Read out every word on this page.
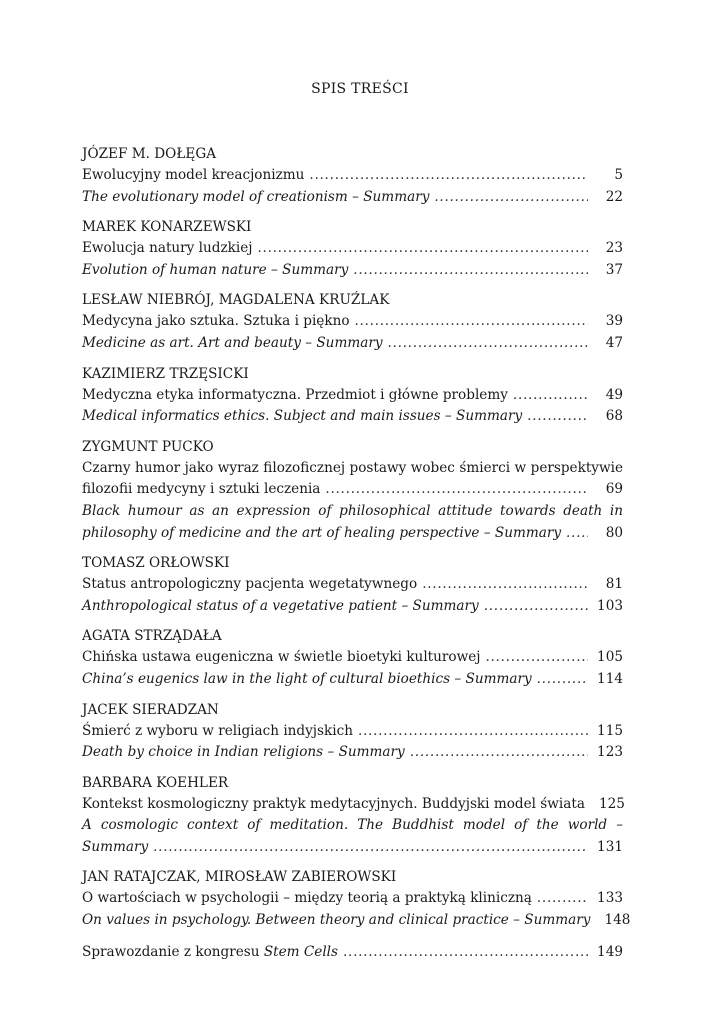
SPIS TREŚCI
JÓZEF M. DOŁĘGA
Ewolucyjny model kreacjonizmu . . .	5
The evolutionary model of creationism – Summary . . .	22
MAREK KONARZEWSKI
Ewolucja natury ludzkiej . . .	23
Evolution of human nature – Summary . . .	37
LESŁAW NIEBRÓJ, MAGDALENA KRUŹLAK
Medycyna jako sztuka. Sztuka i piękno . . .	39
Medicine as art. Art and beauty – Summary . . .	47
KAZIMIERZ TRZĘSICKI
Medyczna etyka informatyczna. Przedmiot i główne problemy . . .	49
Medical informatics ethics. Subject and main issues – Summary . . .	68
ZYGMUNT PUCKO
Czarny humor jako wyraz filozoficznej postawy wobec śmierci w perspektywie
filozofii medycyny i sztuki leczenia . . .	69
Black humour as an expression of philosophical attitude towards death in
philosophy of medicine and the art of healing perspective – Summary . . .	80
TOMASZ ORŁOWSKI
Status antropologiczny pacjenta wegetatywnego . . .	81
Anthropological status of a vegetative patient – Summary . . .	103
AGATA STRZĄDAŁA
Chińska ustawa eugeniczna w świetle bioetyki kulturowej . . .	105
China’s eugenics law in the light of cultural bioethics – Summary . . .	114
JACEK SIERADZAN
Śmierć z wyboru w religiach indyjskich . . .	115
Death by choice in Indian religions – Summary . . .	123
BARBARA KOEHLER
Kontekst kosmologiczny praktyk medytacyjnych. Buddyjski model świata 125
A cosmologic context of meditation. The Buddhist model of the world –
Summary . . .	131
JAN RATAJCZAK, MIROSŁAW ZABIEROWSKI
O wartościach w psychologii – między teorią a praktyką kliniczną . . .	133
On values in psychology. Between theory and clinical practice – Summary 148
Sprawozdanie z kongresu Stem Cells . . .	149
